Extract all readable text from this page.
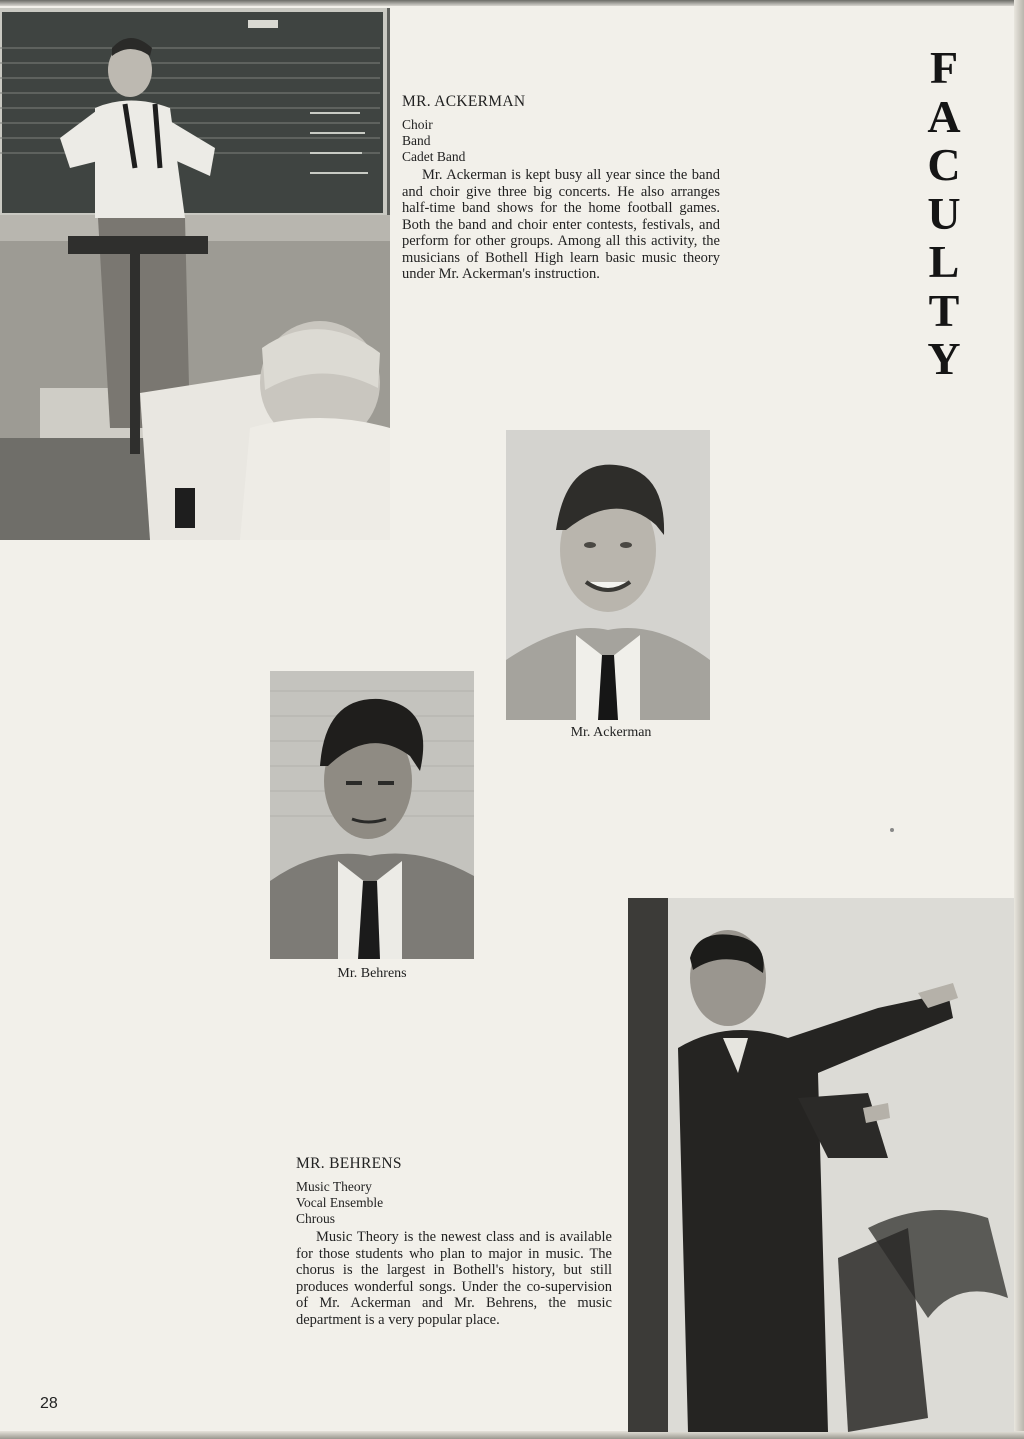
MR. ACKERMAN
Choir
Band
Cadet Band

Mr. Ackerman is kept busy all year since the band and choir give three big concerts. He also arranges half-time band shows for the home football games. Both the band and choir enter contests, festivals, and perform for other groups. Among all this activity, the musicians of Bothell High learn basic music theory under Mr. Ackerman's instruction.

F
A
C
U
L
T
Y
Mr. Ackerman
Mr. Behrens
MR. BEHRENS
Music Theory
Vocal Ensemble
Chrous

Music Theory is the newest class and is available for those students who plan to major in music. The chorus is the largest in Bothell's history, but still produces wonderful songs. Under the co-supervision of Mr. Ackerman and Mr. Behrens, the music department is a very popular place.

28
